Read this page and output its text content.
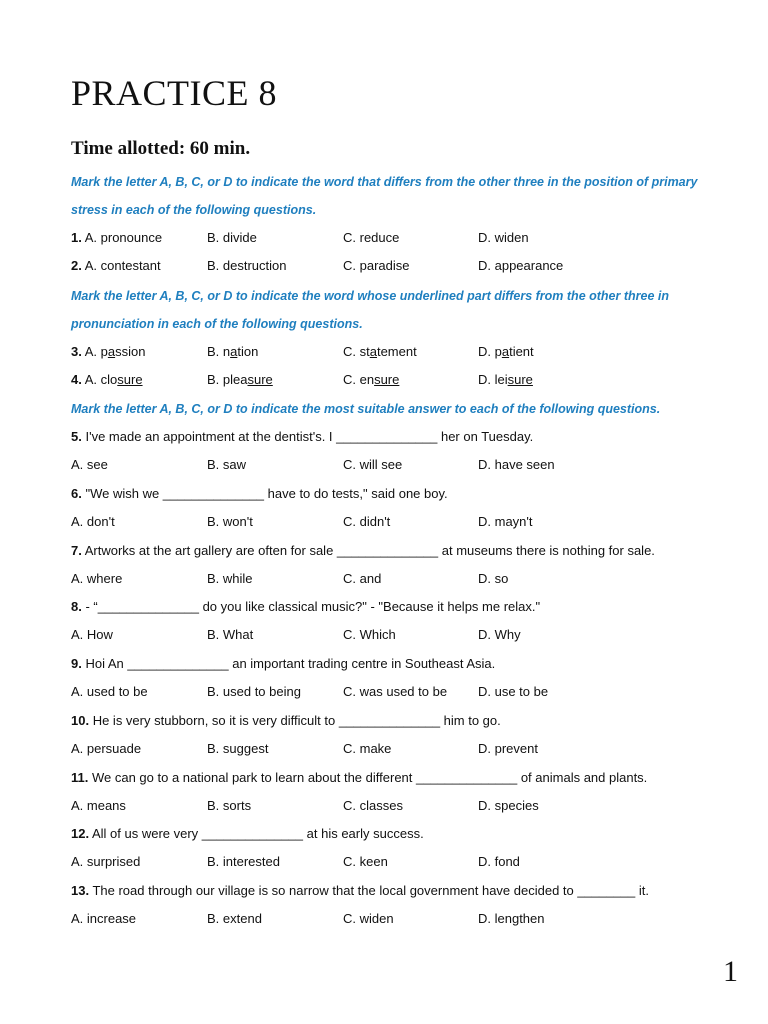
PRACTICE 8
Time allotted: 60 min.
Mark the letter A, B, C, or D to indicate the word that differs from the other three in the position of primary stress in each of the following questions.
1. A. pronounce	B. divide	C. reduce	D. widen
2. A. contestant	B. destruction	C. paradise	D. appearance
Mark the letter A, B, C, or D to indicate the word whose underlined part differs from the other three in pronunciation in each of the following questions.
3. A. passion	B. nation	C. statement	D. patient
4. A. closure	B. pleasure	C. ensure	D. leisure
Mark the letter A, B, C, or D to indicate the most suitable answer to each of the following questions.
5. I've made an appointment at the dentist's. I ______________ her on Tuesday.
A. see	B. saw	C. will see	D. have seen
6. "We wish we ______________ have to do tests," said one boy.
A. don't	B. won't	C. didn't	D. mayn't
7. Artworks at the art gallery are often for sale ______________ at museums there is nothing for sale.
A. where	B. while	C. and	D. so
8. - “______________ do you like classical music?" - "Because it helps me relax."
A. How	B. What	C. Which	D. Why
9. Hoi An ______________ an important trading centre in Southeast Asia.
A. used to be	B. used to being	C. was used to be D. use to be
10. He is very stubborn, so it is very difficult to ______________ him to go.
A. persuade	B. suggest	C. make	D. prevent
11. We can go to a national park to learn about the different ______________ of animals and plants.
A. means	B. sorts	C. classes	D. species
12. All of us were very ______________ at his early success.
A. surprised	B. interested	C. keen	D. fond
13. The road through our village is so narrow that the local government have decided to ________ it.
A. increase	B. extend	C. widen	D. lengthen
1
